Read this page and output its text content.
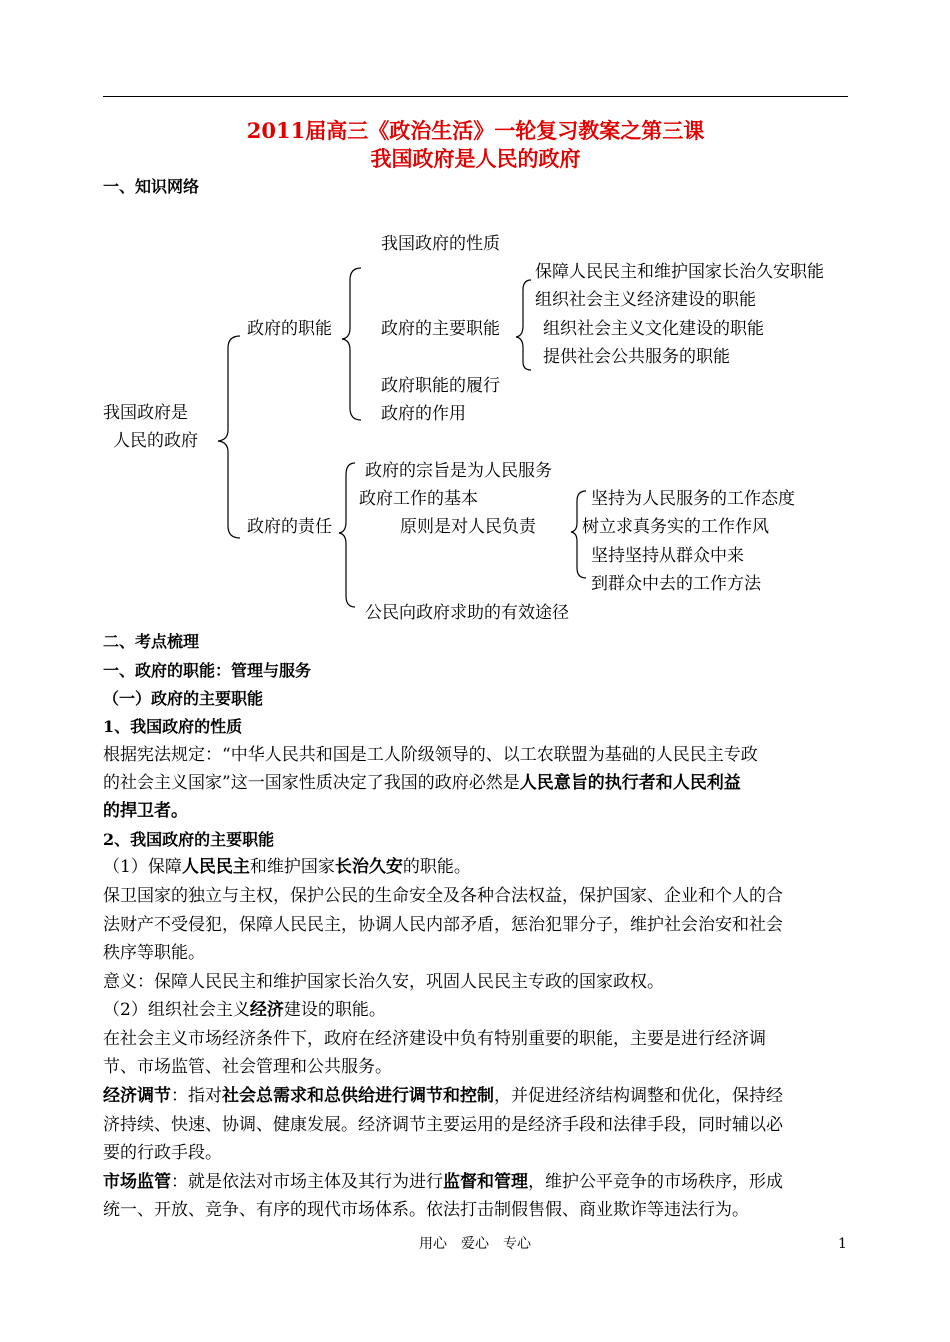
2011届高三《政治生活》一轮复习教案之第三课
我国政府是人民的政府
一、知识网络
我国政府是
人民的政府
政府的职能
我国政府的性质
政府的主要职能
保障人民民主和维护国家长治久安职能
组织社会主义经济建设的职能
组织社会主义文化建设的职能
提供社会公共服务的职能
政府职能的履行
政府的作用
政府的责任
政府的宗旨是为人民服务
政府工作的基本
原则是对人民负责
坚持为人民服务的工作态度
树立求真务实的工作作风
坚持坚持从群众中来
到群众中去的工作方法
公民向政府求助的有效途径
二、考点梳理
一、政府的职能：管理与服务
（一）政府的主要职能
1、我国政府的性质
根据宪法规定：“中华人民共和国是工人阶级领导的、以工农联盟为基础的人民民主专政
的社会主义国家”这一国家性质决定了我国的政府必然是人民意旨的执行者和人民利益
的捍卫者。
2、我国政府的主要职能
（1）保障人民民主和维护国家长治久安的职能。
保卫国家的独立与主权，保护公民的生命安全及各种合法权益，保护国家、企业和个人的合
法财产不受侵犯，保障人民民主，协调人民内部矛盾，惩治犯罪分子，维护社会治安和社会
秩序等职能。
意义：保障人民民主和维护国家长治久安，巩固人民民主专政的国家政权。
（2）组织社会主义经济建设的职能。
在社会主义市场经济条件下，政府在经济建设中负有特别重要的职能，主要是进行经济调
节、市场监管、社会管理和公共服务。
经济调节：指对社会总需求和总供给进行调节和控制，并促进经济结构调整和优化，保持经
济持续、快速、协调、健康发展。经济调节主要运用的是经济手段和法律手段，同时辅以必
要的行政手段。
市场监管：就是依法对市场主体及其行为进行监督和管理，维护公平竞争的市场秩序，形成
统一、开放、竞争、有序的现代市场体系。依法打击制假售假、商业欺诈等违法行为。
用心　爱心　专心	1
